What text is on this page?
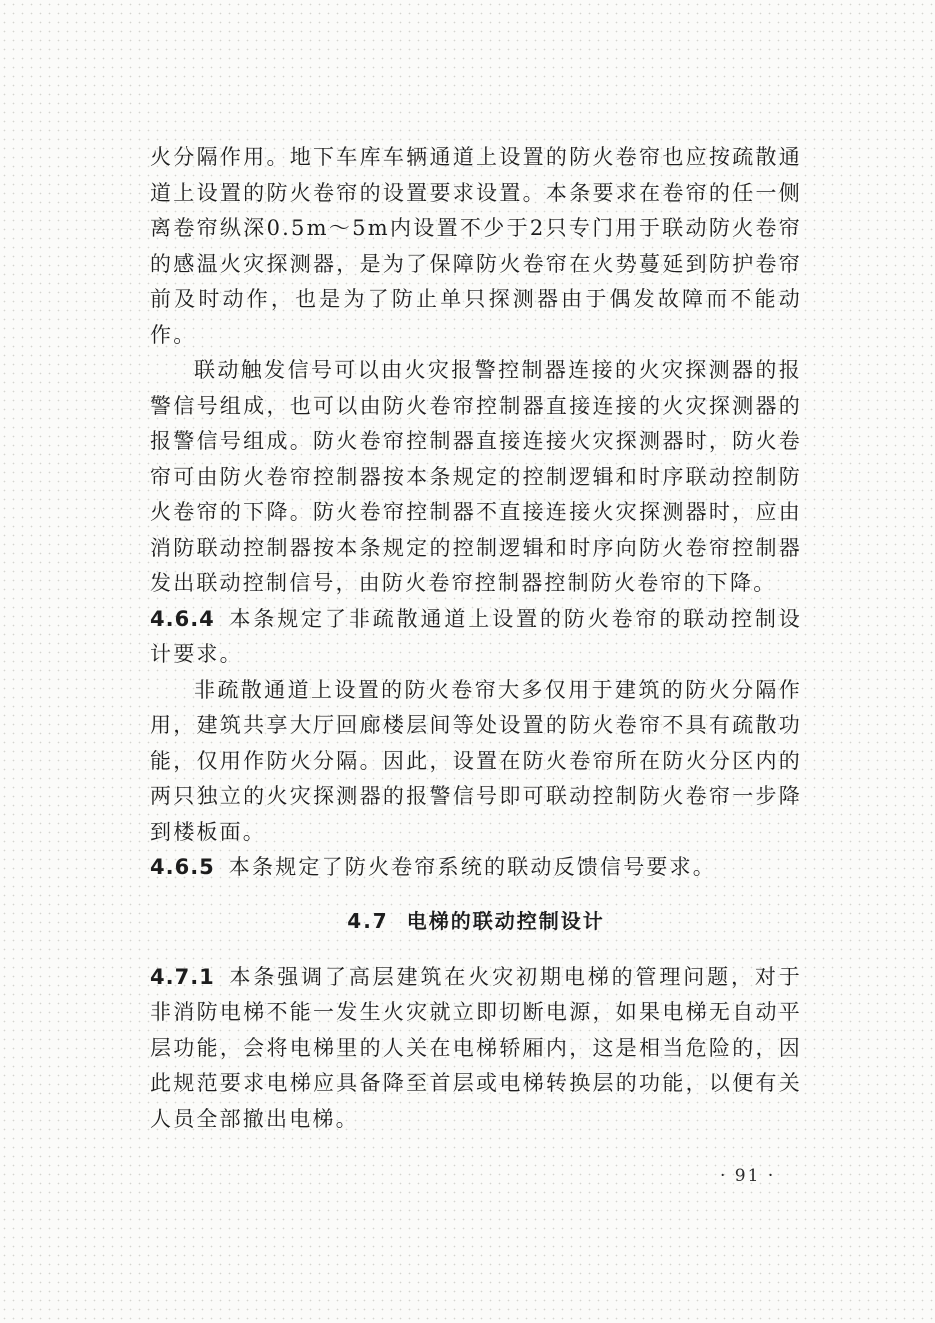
火分隔作用。地下车库车辆通道上设置的防火卷帘也应按疏散通道上设置的防火卷帘的设置要求设置。本条要求在卷帘的任一侧离卷帘纵深0.5m～5m内设置不少于2只专门用于联动防火卷帘的感温火灾探测器，是为了保障防火卷帘在火势蔓延到防护卷帘前及时动作，也是为了防止单只探测器由于偶发故障而不能动作。

联动触发信号可以由火灾报警控制器连接的火灾探测器的报警信号组成，也可以由防火卷帘控制器直接连接的火灾探测器的报警信号组成。防火卷帘控制器直接连接火灾探测器时，防火卷帘可由防火卷帘控制器按本条规定的控制逻辑和时序联动控制防火卷帘的下降。防火卷帘控制器不直接连接火灾探测器时，应由消防联动控制器按本条规定的控制逻辑和时序向防火卷帘控制器发出联动控制信号，由防火卷帘控制器控制防火卷帘的下降。

4.6.4 本条规定了非疏散通道上设置的防火卷帘的联动控制设计要求。

非疏散通道上设置的防火卷帘大多仅用于建筑的防火分隔作用，建筑共享大厅回廊楼层间等处设置的防火卷帘不具有疏散功能，仅用作防火分隔。因此，设置在防火卷帘所在防火分区内的两只独立的火灾探测器的报警信号即可联动控制防火卷帘一步降到楼板面。

4.6.5 本条规定了防火卷帘系统的联动反馈信号要求。

4.7 电梯的联动控制设计

4.7.1 本条强调了高层建筑在火灾初期电梯的管理问题，对于非消防电梯不能一发生火灾就立即切断电源，如果电梯无自动平层功能，会将电梯里的人关在电梯轿厢内，这是相当危险的，因此规范要求电梯应具备降至首层或电梯转换层的功能，以便有关人员全部撤出电梯。

· 91 ·
